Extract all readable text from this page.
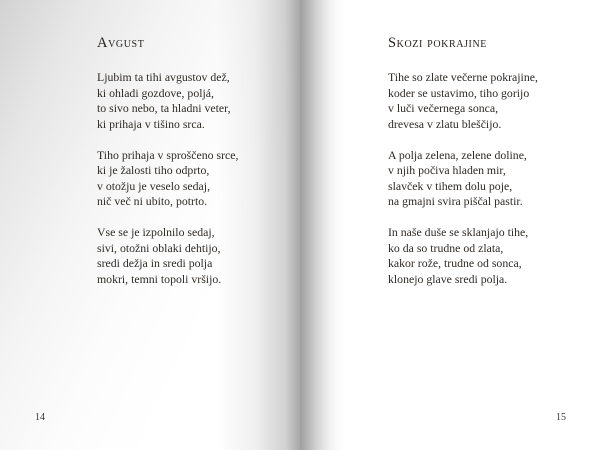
Avgust
Ljubim ta tihi avgustov dež,
ki ohladi gozdove, poljá,
to sivo nebo, ta hladni veter,
ki prihaja v tišino srca.
Tiho prihaja v sproščeno srce,
ki je žalosti tiho odprto,
v otožju je veselo sedaj,
nič več ni ubito, potrto.
Vse se je izpolnilo sedaj,
sivi, otožni oblaki dehtijo,
sredi dežja in sredi polja
mokri, temni topoli vršijo.
14
Skozi pokrajine
Tihe so zlate večerne pokrajine,
koder se ustavimo, tiho gorijo
v luči večernega sonca,
drevesa v zlatu bleščijo.
A polja zelena, zelene doline,
v njih počiva hladen mir,
slavček v tihem dolu poje,
na gmajni svira piščal pastir.
In naše duše se sklanjajo tihe,
ko da so trudne od zlata,
kakor rože, trudne od sonca,
klonejo glave sredi polja.
15
